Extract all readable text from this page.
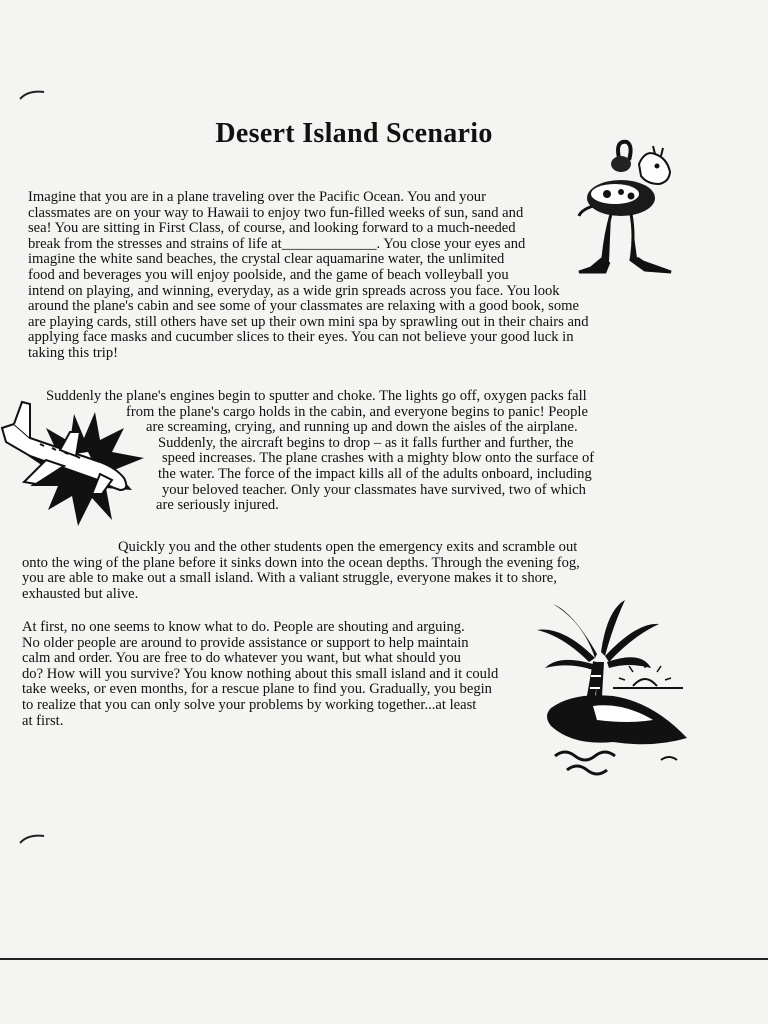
Desert Island Scenario

Imagine that you are in a plane traveling over the Pacific Ocean. You and your
classmates are on your way to Hawaii to enjoy two fun-filled weeks of sun, sand and
sea! You are sitting in First Class, of course, and looking forward to a much-needed
break from the stresses and strains of life at_____________. You close your eyes and
imagine the white sand beaches, the crystal clear aquamarine water, the unlimited
food and beverages you will enjoy poolside, and the game of beach volleyball you
intend on playing, and winning, everyday, as a wide grin spreads across you face. You look
around the plane's cabin and see some of your classmates are relaxing with a good book, some
are playing cards, still others have set up their own mini spa by sprawling out in their chairs and
applying face masks and cucumber slices to their eyes. You can not believe your good luck in
taking this trip!

Suddenly the plane's engines begin to sputter and choke. The lights go off, oxygen packs fall
from the plane's cargo holds in the cabin, and everyone begins to panic! People
are screaming, crying, and running up and down the aisles of the airplane.
Suddenly, the aircraft begins to drop – as it falls further and further, the
speed increases. The plane crashes with a mighty blow onto the surface of
the water. The force of the impact kills all of the adults onboard, including
your beloved teacher. Only your classmates have survived, two of which
are seriously injured.

Quickly you and the other students open the emergency exits and scramble out
onto the wing of the plane before it sinks down into the ocean depths. Through the evening fog,
you are able to make out a small island. With a valiant struggle, everyone makes it to shore,
exhausted but alive.

At first, no one seems to know what to do. People are shouting and arguing.
No older people are around to provide assistance or support to help maintain
calm and order. You are free to do whatever you want, but what should you
do? How will you survive? You know nothing about this small island and it could
take weeks, or even months, for a rescue plane to find you. Gradually, you begin
to realize that you can only solve your problems by working together...at least
at first.
